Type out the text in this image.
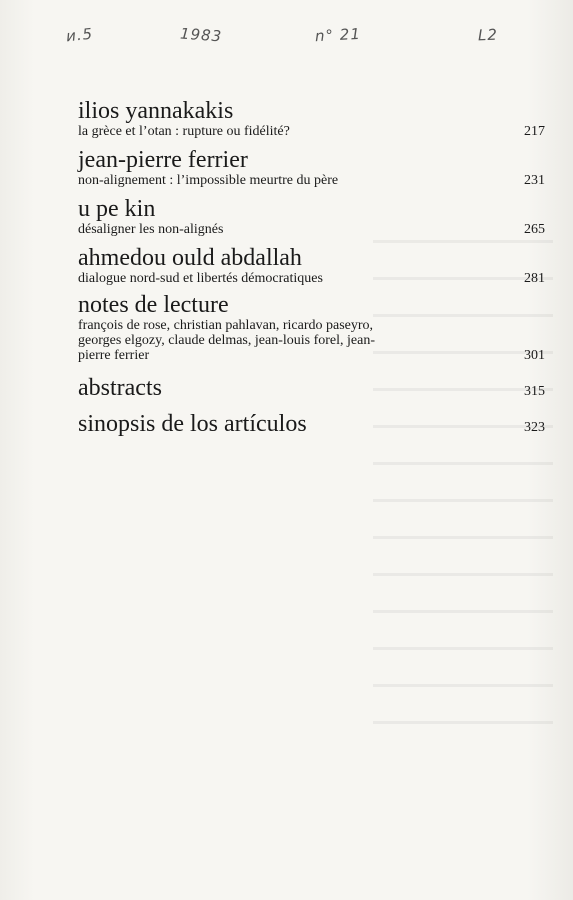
ᴎ.5	1983	n° 21	L2
ilios yannakakis

la grèce et l’otan : rupture ou fidélité?	217
jean-pierre ferrier

non-alignement : l’impossible meurtre du père	231
u pe kin

désaligner les non-alignés	265
ahmedou ould abdallah

dialogue nord-sud et libertés démocratiques	281
notes de lecture

françois de rose, christian pahlavan, ricardo paseyro,

georges elgozy, claude delmas, jean-louis forel, jean-

pierre ferrier	301
abstracts	315
sinopsis de los artículos	323
